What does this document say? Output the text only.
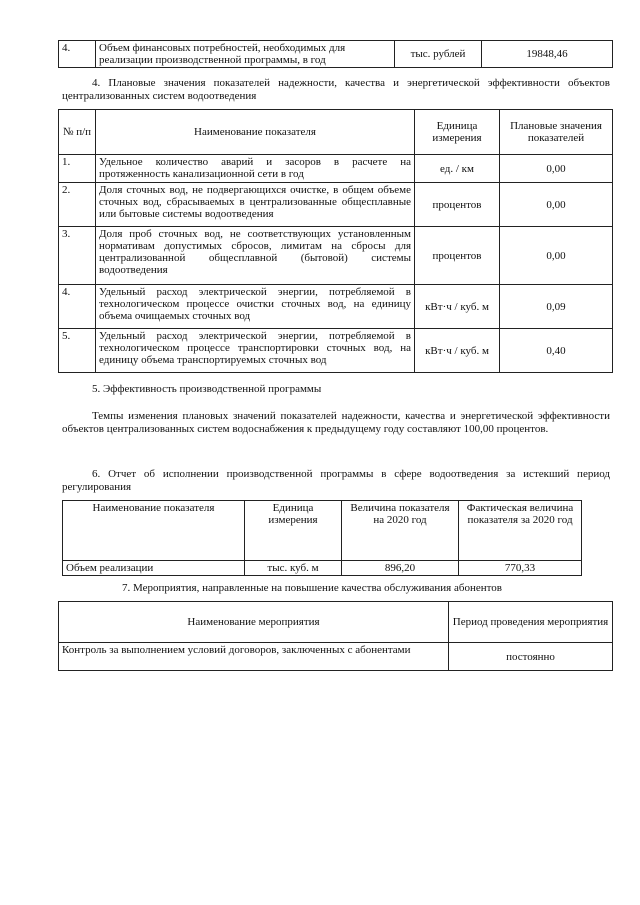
4.	Объем финансовых потребностей, необходимых для реализации производственной программы, в год	тыс. рублей	19848,46
4. Плановые значения показателей надежности, качества и энергетической эффективности объектов централизованных систем водоотведения
№ п/п	Наименование показателя	Единица измерения	Плановые значения показателей
1.	Удельное количество аварий и засоров в расчете на протяженность канализационной сети в год	ед. / км	0,00
2.	Доля сточных вод, не подвергающихся очистке, в общем объеме сточных вод, сбрасываемых в централизованные общесплавные или бытовые системы водоотведения	процентов	0,00
3.	Доля проб сточных вод, не соответствующих установленным нормативам допустимых сбросов, лимитам на сбросы для централизованной общесплавной (бытовой) системы водоотведения	процентов	0,00
4.	Удельный расход электрической энергии, потребляемой в технологическом процессе очистки сточных вод, на единицу объема очищаемых сточных вод	кВт·ч / куб. м	0,09
5.	Удельный расход электрической энергии, потребляемой в технологическом процессе транспортировки сточных вод, на единицу объема транспортируемых сточных вод	кВт·ч / куб. м	0,40
5. Эффективность производственной программы
Темпы изменения плановых значений показателей надежности, качества и энергетической эффективности объектов централизованных систем водоснабжения к предыдущему году составляют 100,00 процентов.
6. Отчет об исполнении производственной программы в сфере водоотведения за истекший период регулирования
Наименование показателя	Единица измерения	Величина показателя на 2020 год	Фактическая величина показателя за 2020 год
Объем реализации	тыс. куб. м	896,20	770,33
7. Мероприятия, направленные на повышение качества обслуживания абонентов
Наименование мероприятия	Период проведения мероприятия
Контроль за выполнением условий договоров, заключенных с абонентами	постоянно
